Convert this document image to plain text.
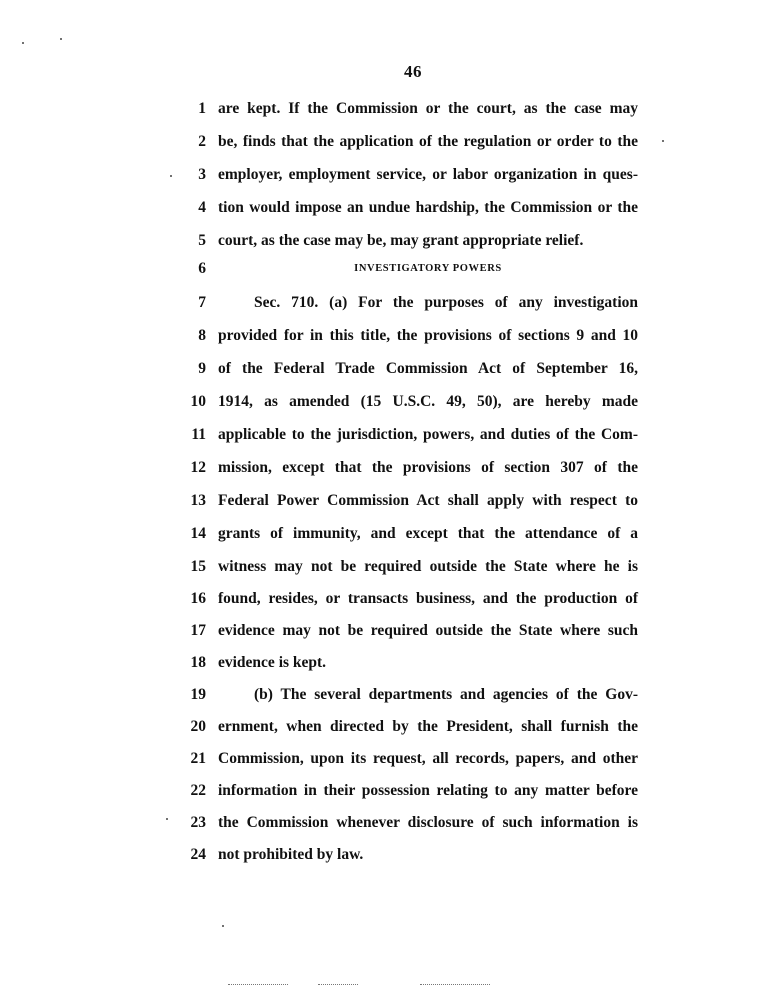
46
1 are kept. If the Commission or the court, as the case may
2 be, finds that the application of the regulation or order to the
3 employer, employment service, or labor organization in ques-
4 tion would impose an undue hardship, the Commission or the
5 court, as the case may be, may grant appropriate relief.
6	INVESTIGATORY POWERS
7	Sec. 710. (a) For the purposes of any investigation
8 provided for in this title, the provisions of sections 9 and 10
9 of the Federal Trade Commission Act of September 16,
10 1914, as amended (15 U.S.C. 49, 50), are hereby made
11 applicable to the jurisdiction, powers, and duties of the Com-
12 mission, except that the provisions of section 307 of the
13 Federal Power Commission Act shall apply with respect to
14 grants of immunity, and except that the attendance of a
15 witness may not be required outside the State where he is
16 found, resides, or transacts business, and the production of
17 evidence may not be required outside the State where such
18 evidence is kept.
19	(b) The several departments and agencies of the Gov-
20 ernment, when directed by the President, shall furnish the
21 Commission, upon its request, all records, papers, and other
22 information in their possession relating to any matter before
23 the Commission whenever disclosure of such information is
24 not prohibited by law.
